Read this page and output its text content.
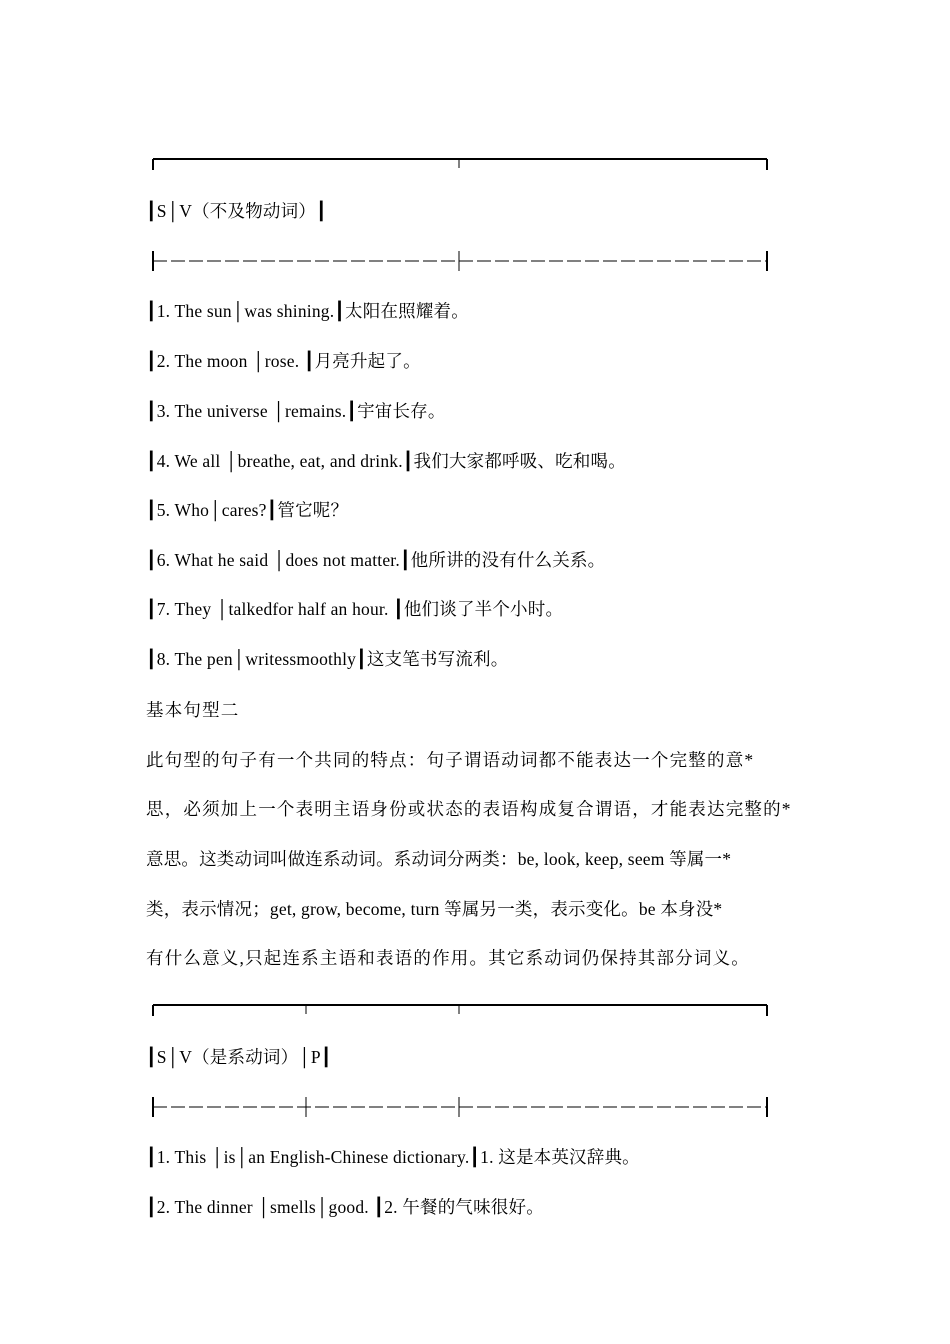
┃S│V（不及物动词）┃
┃1. The sun│was shining.┃太阳在照耀着。
┃2. The moon │rose. ┃月亮升起了。
┃3. The universe │remains.┃宇宙长存。
┃4. We all │breathe, eat, and drink.┃我们大家都呼吸、吃和喝。
┃5. Who│cares?┃管它呢？
┃6. What he said │does not matter.┃他所讲的没有什么关系。
┃7. They │talkedfor half an hour. ┃他们谈了半个小时。
┃8. The pen│writessmoothly┃这支笔书写流利。
基本句型二
此句型的句子有一个共同的特点：句子谓语动词都不能表达一个完整的意*
思，必须加上一个表明主语身份或状态的表语构成复合谓语，才能表达完整的*
意思。这类动词叫做连系动词。系动词分两类：be, look, keep, seem 等属一*
类，表示情况；get, grow, become, turn 等属另一类，表示变化。be 本身没*
有什么意义,只起连系主语和表语的作用。其它系动词仍保持其部分词义。
┃S│V（是系动词）│P┃
┃1. This │is│an English-Chinese dictionary.┃1. 这是本英汉辞典。
┃2. The dinner │smells│good. ┃2. 午餐的气味很好。
